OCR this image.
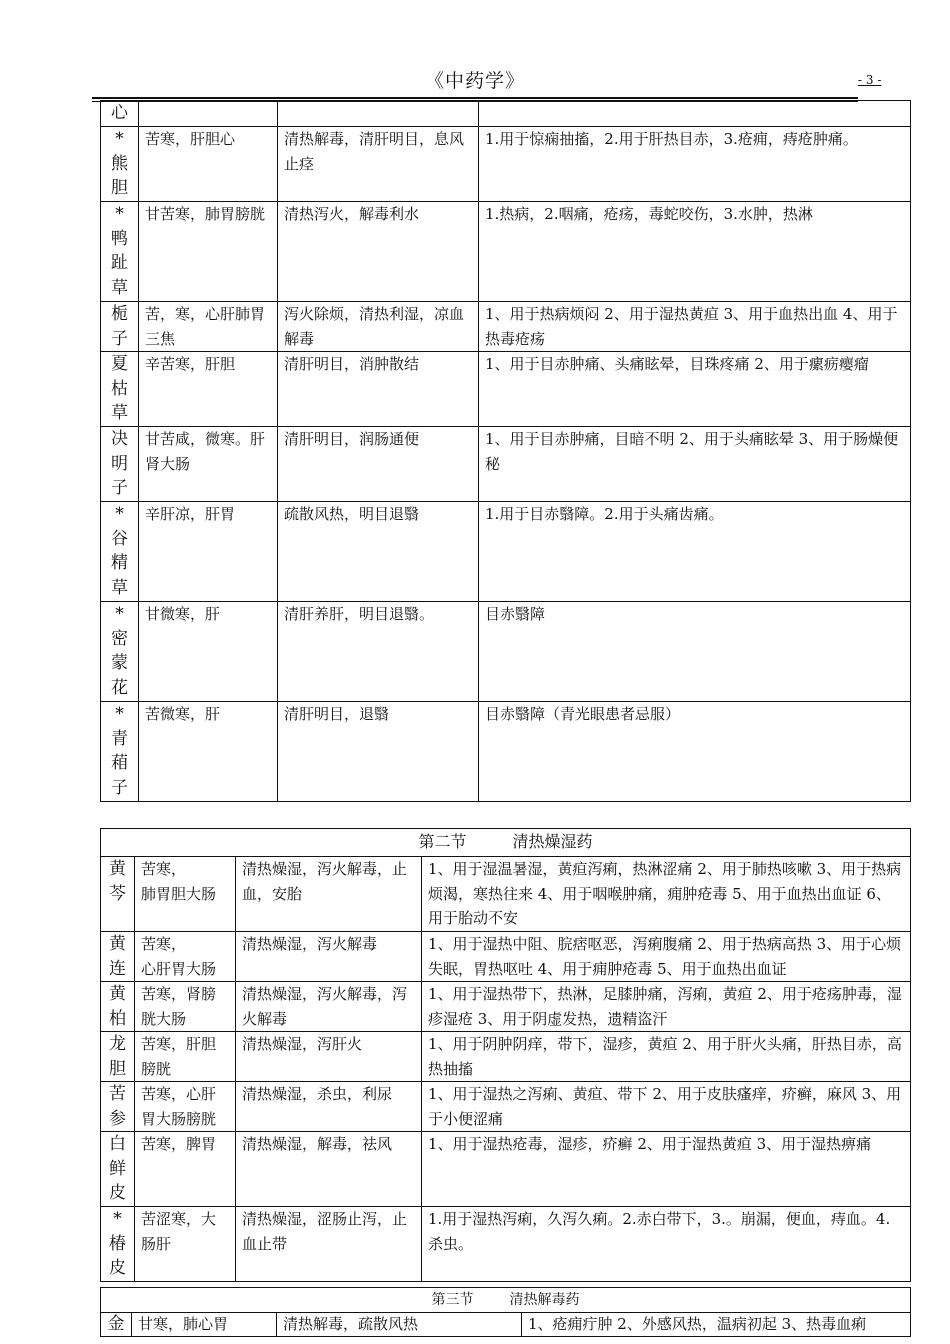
《中药学》	- 3 -
心			

*
熊
胆	苦寒，肝胆心	清热解毒，清肝明目，息风止痉	1.用于惊痫抽搐，2.用于肝热目赤，3.疮痈，痔疮肿痛。

*
鸭
趾
草	甘苦寒，肺胃膀胱	清热泻火，解毒利水	1.热病，2.咽痛，疮疡，毒蛇咬伤，3.水肿，热淋

栀
子	苦，寒，心肝肺胃三焦	泻火除烦，清热利湿，凉血解毒	1、用于热病烦闷 2、用于湿热黄疸 3、用于血热出血 4、用于热毒疮疡

夏
枯
草	辛苦寒，肝胆	清肝明目，消肿散结	1、用于目赤肿痛、头痛眩晕，目珠疼痛 2、用于瘰疬瘿瘤

决
明
子	甘苦咸，微寒。肝肾大肠	清肝明目，润肠通便	1、用于目赤肿痛，目暗不明 2、用于头痛眩晕 3、用于肠燥便秘

*
谷
精
草	辛肝凉，肝胃	疏散风热，明目退翳	1.用于目赤翳障。2.用于头痛齿痛。

*
密
蒙
花	甘微寒，肝	清肝养肝，明目退翳。	目赤翳障

*
青
葙
子	苦微寒，肝	清肝明目，退翳	目赤翳障（青光眼患者忌服）
第二节 清热燥湿药			

黄
芩	苦寒，
肺胃胆大肠	清热燥湿，泻火解毒，止血，安胎	1、用于湿温暑湿，黄疸泻痢，热淋涩痛 2、用于肺热咳嗽 3、用于热病烦渴，寒热往来 4、用于咽喉肿痛，痈肿疮毒 5、用于血热出血证 6、用于胎动不安

黄
连	苦寒，
心肝胃大肠	清热燥湿，泻火解毒	1、用于湿热中阻、脘痞呕恶，泻痢腹痛 2、用于热病高热 3、用于心烦失眠，胃热呕吐 4、用于痈肿疮毒 5、用于血热出血证

黄
柏	苦寒，肾膀胱大肠	清热燥湿，泻火解毒，泻火解毒	1、用于湿热带下，热淋，足膝肿痛，泻痢，黄疸 2、用于疮疡肿毒，湿疹湿疮 3、用于阴虚发热，遗精盗汗

龙
胆	苦寒，肝胆膀胱	清热燥湿，泻肝火	1、用于阴肿阴痒，带下，湿疹，黄疸 2、用于肝火头痛，肝热目赤，高热抽搐

苦
参	苦寒，心肝胃大肠膀胱	清热燥湿，杀虫，利尿	1、用于湿热之泻痢、黄疸、带下 2、用于皮肤瘙痒，疥癣，麻风 3、用于小便涩痛

白
鲜
皮	苦寒，脾胃	清热燥湿，解毒，祛风	1、用于湿热疮毒，湿疹，疥癣 2、用于湿热黄疸 3、用于湿热痹痛

*
椿
皮	苦涩寒，大肠肝	清热燥湿，涩肠止泻，止血止带	1.用于湿热泻痢，久泻久痢。2.赤白带下，3.。崩漏，便血，痔血。4.杀虫。
第三节	清热解毒药

金	甘寒，肺心胃	清热解毒，疏散风热	1、疮痈疔肿 2、外感风热，温病初起 3、热毒血痢
